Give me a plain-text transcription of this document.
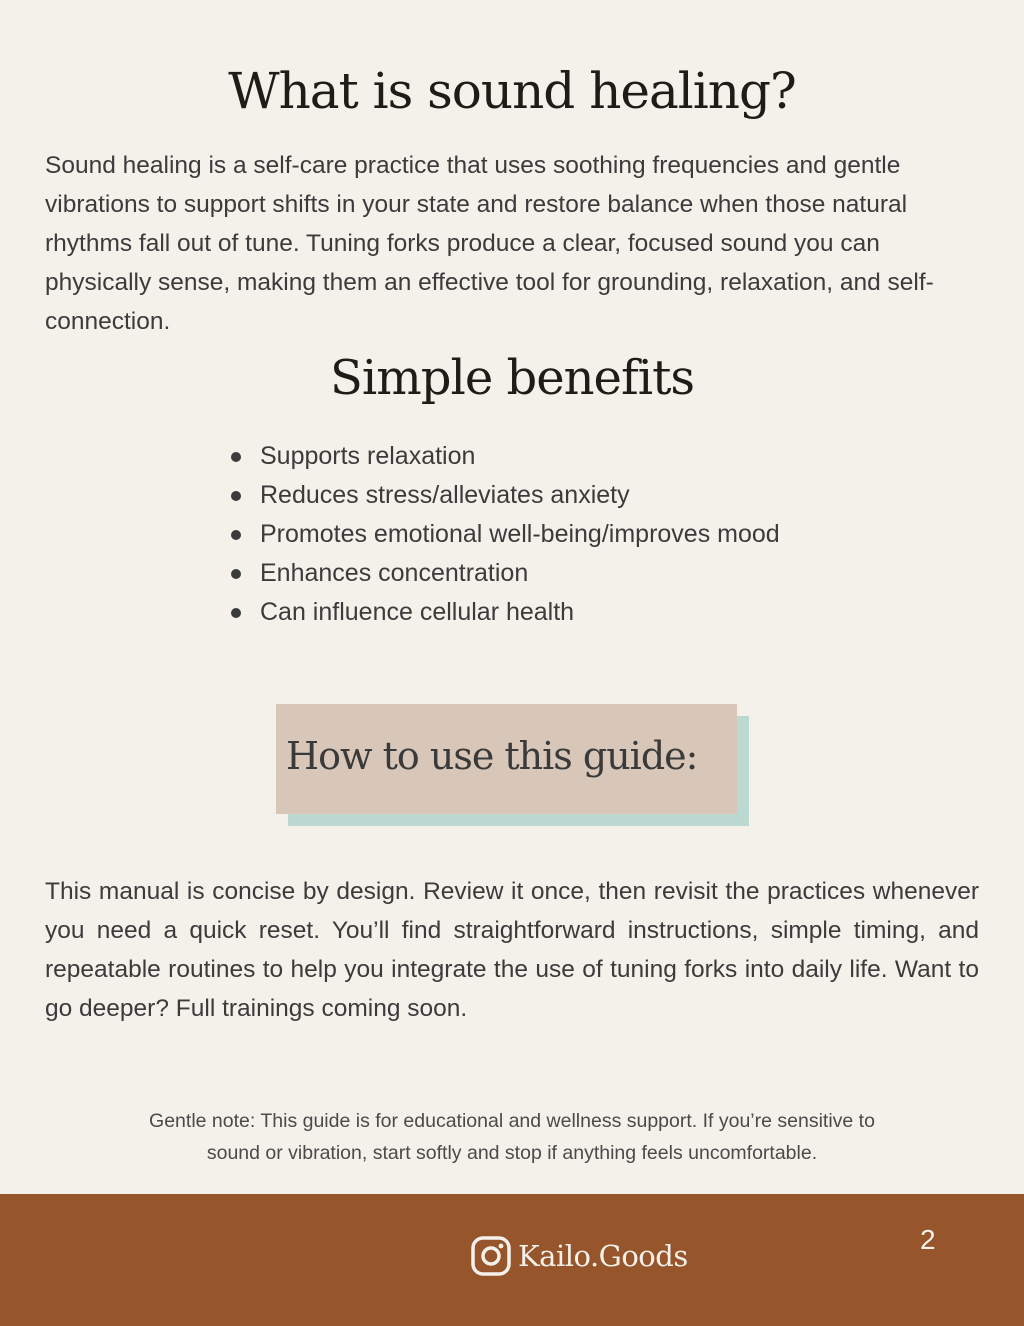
What is sound healing?

Sound healing is a self-care practice that uses soothing frequencies and gentle vibrations to support shifts in your state and restore balance when those natural rhythms fall out of tune. Tuning forks produce a clear, focused sound you can physically sense, making them an effective tool for grounding, relaxation, and self-connection.

Simple benefits
Supports relaxation
Reduces stress/alleviates anxiety
Promotes emotional well-being/improves mood
Enhances concentration
Can influence cellular health
How to use this guide:

This manual is concise by design. Review it once, then revisit the practices whenever you need a quick reset. You’ll find straightforward instructions, simple timing, and repeatable routines to help you integrate the use of tuning forks into daily life. Want to go deeper? Full trainings coming soon.

Gentle note: This guide is for educational and wellness support. If you’re sensitive to
sound or vibration, start softly and stop if anything feels uncomfortable.

Kailo.Goods	2
